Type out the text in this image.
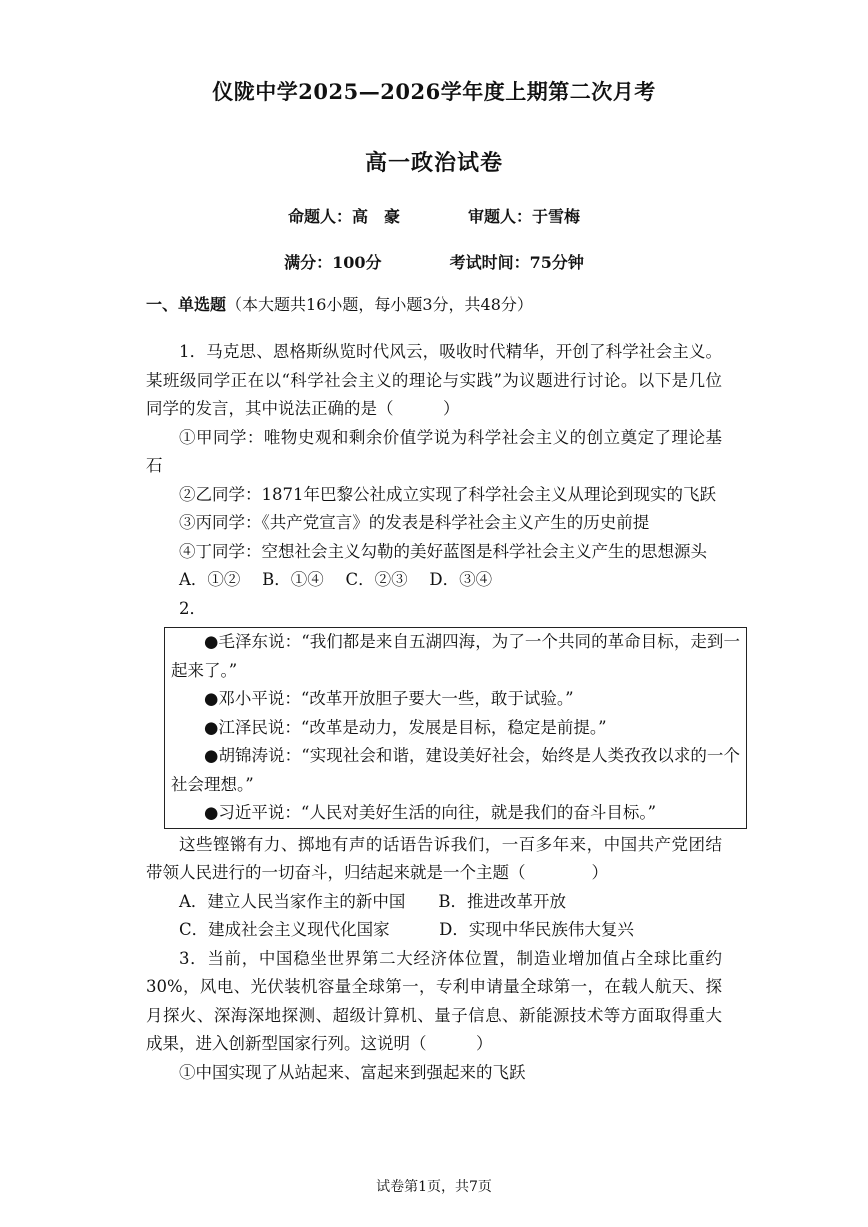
仪陇中学2025—2026学年度上期第二次月考
高一政治试卷
命题人：高　豪	审题人：于雪梅
满分：100分	考试时间：75分钟
一、单选题（本大题共16小题，每小题3分，共48分）

1．马克思、恩格斯纵览时代风云，吸收时代精华，开创了科学社会主义。某班级同学正在以“科学社会主义的理论与实践”为议题进行讨论。以下是几位同学的发言，其中说法正确的是（　　　）

①甲同学：唯物史观和剩余价值学说为科学社会主义的创立奠定了理论基石

②乙同学：1871年巴黎公社成立实现了科学社会主义从理论到现实的飞跃

③丙同学：《共产党宣言》的发表是科学社会主义产生的历史前提

④丁同学：空想社会主义勾勒的美好蓝图是科学社会主义产生的思想源头

A．①②　 B．①④　 C．②③　 D．③④

2．

●毛泽东说：“我们都是来自五湖四海，为了一个共同的革命目标，走到一起来了。”

●邓小平说：“改革开放胆子要大一些，敢于试验。”

●江泽民说：“改革是动力，发展是目标，稳定是前提。”

●胡锦涛说：“实现社会和谐，建设美好社会，始终是人类孜孜以求的一个社会理想。”

●习近平说：“人民对美好生活的向往，就是我们的奋斗目标。”

这些铿锵有力、掷地有声的话语告诉我们，一百多年来，中国共产党团结带领人民进行的一切奋斗，归结起来就是一个主题（　　　　）

A．建立人民当家作主的新中国　　B．推进改革开放

C．建成社会主义现代化国家　　　D．实现中华民族伟大复兴

3．当前，中国稳坐世界第二大经济体位置，制造业增加值占全球比重约30%，风电、光伏装机容量全球第一，专利申请量全球第一，在载人航天、探月探火、深海深地探测、超级计算机、量子信息、新能源技术等方面取得重大成果，进入创新型国家行列。这说明（　　　）

①中国实现了从站起来、富起来到强起来的飞跃

试卷第1页，共7页
